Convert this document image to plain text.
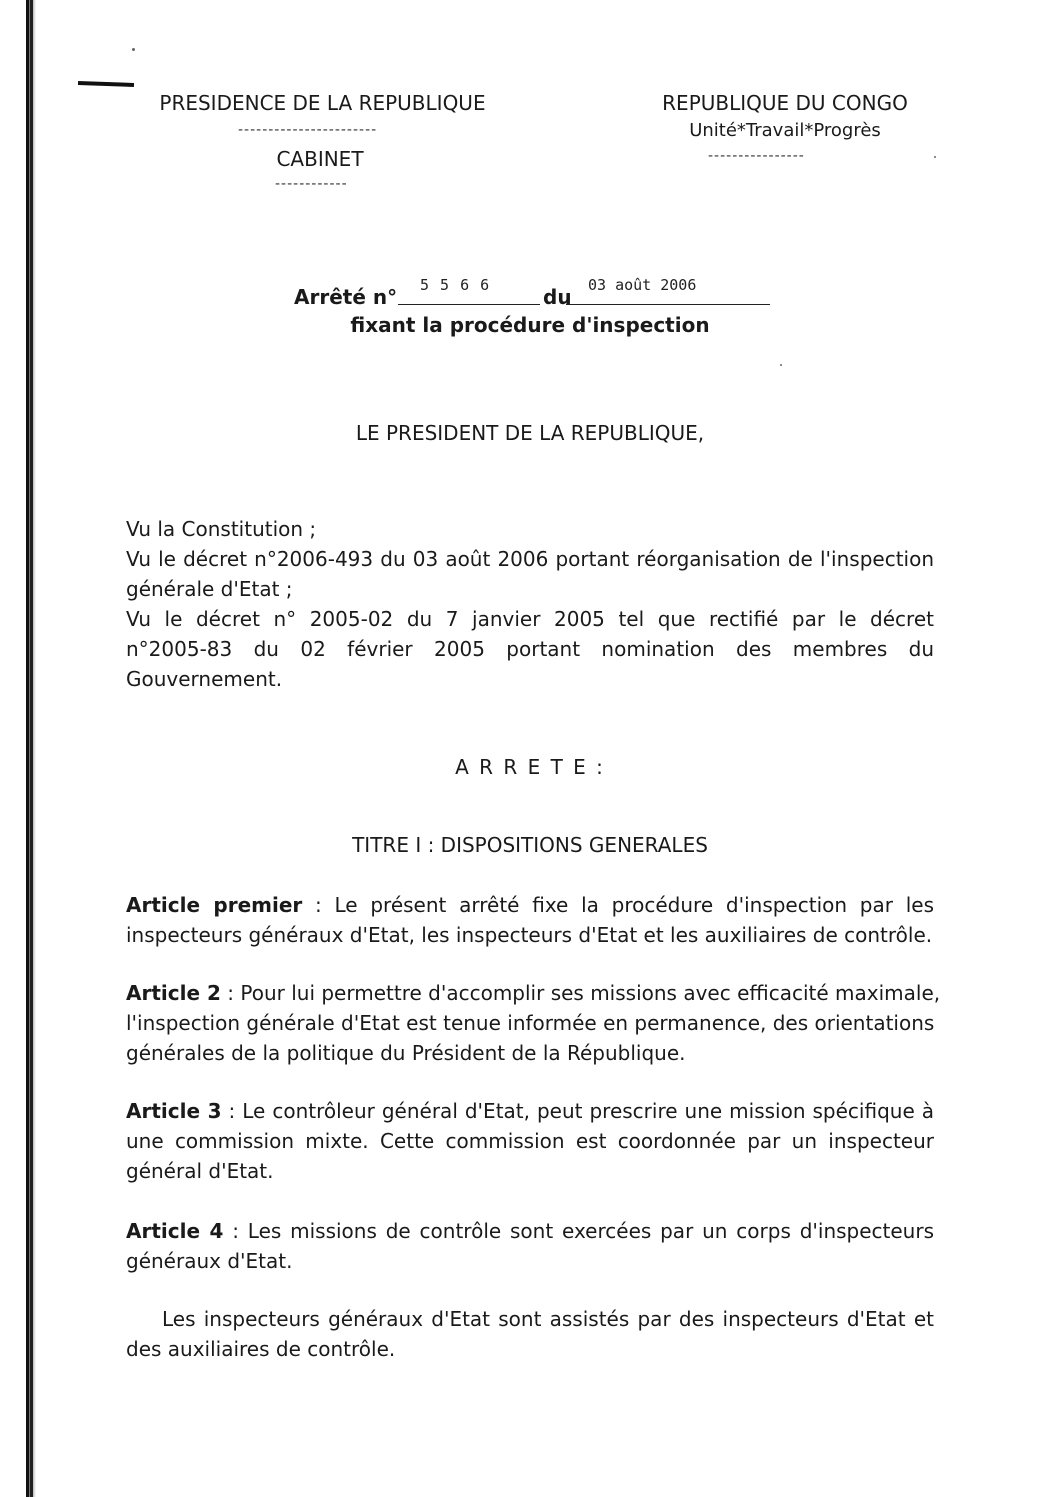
PRESIDENCE DE LA REPUBLIQUE
-----------------------
CABINET
------------
REPUBLIQUE DU CONGO
Unité*Travail*Progrès
----------------
Arrêté n° 5 5 6 6	du 03 août 2006
fixant la procédure d'inspection
LE PRESIDENT DE LA REPUBLIQUE,
Vu la Constitution ;
Vu le décret n°2006-493 du 03 août 2006 portant réorganisation de l'inspection
générale d'Etat ;
Vu le décret n° 2005-02 du 7 janvier 2005 tel que rectifié par le décret
n°2005-83 du 02 février 2005 portant nomination des membres du
Gouvernement.
A R R E T E :
TITRE I : DISPOSITIONS GENERALES
Article premier : Le présent arrêté fixe la procédure d'inspection par les
inspecteurs généraux d'Etat, les inspecteurs d'Etat et les auxiliaires de contrôle.
Article 2 : Pour lui permettre d'accomplir ses missions avec efficacité maximale,
l'inspection générale d'Etat est tenue informée en permanence, des orientations
générales de la politique du Président de la République.
Article 3 : Le contrôleur général d'Etat, peut prescrire une mission spécifique à
une commission mixte. Cette commission est coordonnée par un inspecteur
général d'Etat.
Article 4 : Les missions de contrôle sont exercées par un corps d'inspecteurs
généraux d'Etat.
Les inspecteurs généraux d'Etat sont assistés par des inspecteurs d'Etat et
des auxiliaires de contrôle.
